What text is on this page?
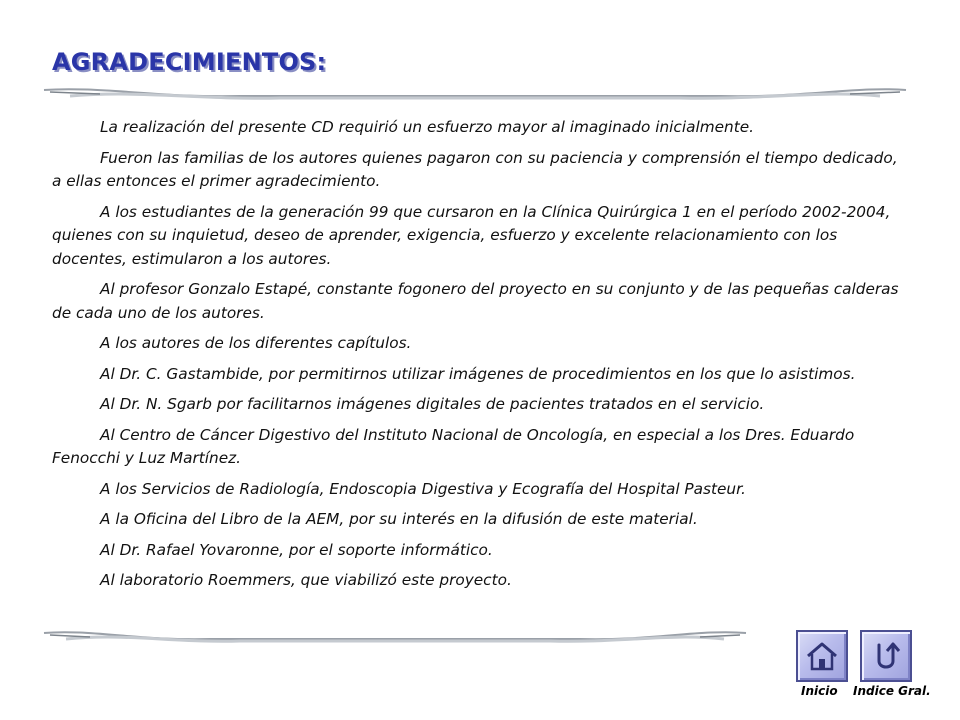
AGRADECIMIENTOS:

La realización del presente CD requirió un esfuerzo mayor al imaginado inicialmente.

Fueron las familias de los autores quienes pagaron con su paciencia y comprensión el tiempo dedicado, a ellas entonces el primer agradecimiento.

A los estudiantes de la generación 99 que cursaron en la Clínica Quirúrgica 1 en el período 2002-2004, quienes con su inquietud, deseo de aprender, exigencia, esfuerzo y excelente relacionamiento con los docentes, estimularon a los autores.

Al profesor Gonzalo Estapé, constante fogonero del proyecto en su conjunto y de las pequeñas calderas de cada uno de los autores.

A los autores de los diferentes capítulos.

Al Dr. C. Gastambide, por permitirnos utilizar imágenes de procedimientos en los que lo asistimos.

Al Dr. N. Sgarb por facilitarnos imágenes digitales de pacientes tratados en el servicio.

Al Centro de Cáncer Digestivo del Instituto Nacional de Oncología, en especial a los Dres. Eduardo Fenocchi y Luz Martínez.

A los Servicios de Radiología, Endoscopia Digestiva y Ecografía del Hospital Pasteur.

A la Oficina del Libro de la AEM, por su interés en la difusión de este material.

Al Dr. Rafael Yovaronne, por el soporte informático.

Al laboratorio Roemmers, que viabilizó este proyecto.

Inicio Indice Gral.
